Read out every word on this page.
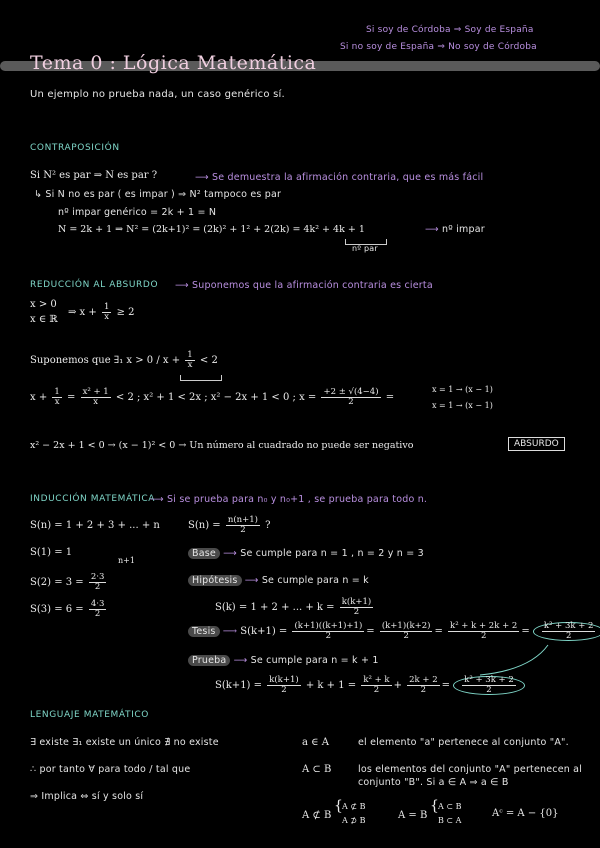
Si soy de Córdoba ⇒ Soy de España
Si no soy de España ⇒ No soy de Córdoba
Tema 0 : Lógica Matemática
Un ejemplo no prueba nada, un caso genérico sí.
CONTRAPOSICIÓN
Si N² es par ⇒ N es par ?	⟶ Se demuestra la afirmación contraria, que es más fácil
↳ Si N no es par ( es impar ) ⇒ N² tampoco es par
nº impar genérico = 2k + 1 = N
N = 2k + 1 ⇒ N² = (2k+1)² = (2k)² + 1² + 2(2k) = 4k² + 4k + 1	⟶ nº impar
nº par
REDUCCIÓN AL ABSURDO ⟶ Suponemos que la afirmación contraria es cierta
x > 0
x ∈ ℝ
⇒ $x + \frac{1}{x} \ge 2$
Suponemos que ∃₁ $x > 0 / x + \frac{1}{x} < 2$
$x + \frac{1}{x} = \frac{\text{x² + 1}}{x} < 2$ ; x² + 1 < 2x ; x² − 2x + 1 < 0 ; $x = \frac{+2 \pm √(4-4)}{2}$ =
x = 1 → (x − 1)
x = 1 → (x − 1)
x² − 2x + 1 < 0 → (x − 1)² < 0 → Un número al cuadrado no puede ser negativo	ABSURDO
INDUCCIÓN MATEMÁTICA
⟶ Si se prueba para n₀ y n₀+1 , se prueba para todo n.
S(n) = 1 + 2 + 3 + ... + n	$S(n) = \frac{n(n+1)}{2}$ ?
S(1) = 1
$S(2) = 3 = \frac{2\cdot 3}{2}$
n+1
$S(3) = 6 = \frac{4\cdot 3}{2}$
Base ⟶ Se cumple para n = 1 , n = 2 y n = 3
Hipótesis ⟶ Se cumple para n = k
S(k) = 1 + 2 + ... + $k = \frac{k(k+1)}{2}$
Tesis ⟶ $S(k+1) = \frac{(k+1)((k+1)+1)}{2} = \frac{(k+1)(k+2)}{2} = \frac{\text{k² + k + 2k + 2}}{2} = \frac{\text{k² + 3k + 2}}{2}$
Prueba ⟶ Se cumple para n = k + 1
$S(k+1) = \frac{k(k+1)}{2} + k + 1 = \frac{\text{k² + k}}{2} + \frac{2k + 2}{2} = \frac{\text{k² + 3k + 2}}{2}$
LENGUAJE MATEMÁTICO
∃ existe ∃₁ existe un único ∄ no existe
∴ por tanto ∀ para todo / tal que
⇒ Implica ⇔ sí y solo sí
a ∈ A	el elemento "a" pertenece al conjunto "A".
A ⊂ B	los elementos del conjunto "A" pertenecen al
conjunto "B". Si a ∈ A ⇒ a ∈ B
A ⊄ B
{ A ⊄ B
A ⊅ B	A = B
{ A ⊂ B
B ⊂ A
Aᶜ = A − {0}
